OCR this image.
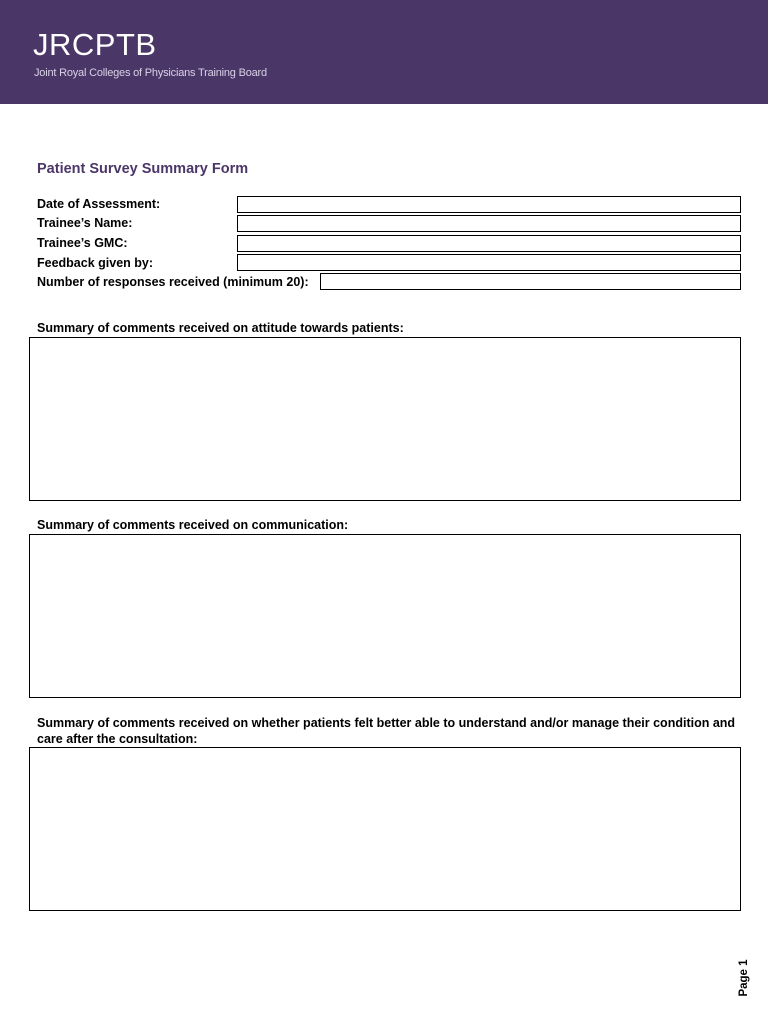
JRCPTB
Joint Royal Colleges of Physicians Training Board
Patient Survey Summary Form
Date of Assessment:
Trainee’s Name:
Trainee’s GMC:
Feedback given by:
Number of responses received (minimum 20):
Summary of comments received on attitude towards patients:
Summary of comments received on communication:
Summary of comments received on whether patients felt better able to understand and/or manage their condition and care after the consultation:
Page 1
